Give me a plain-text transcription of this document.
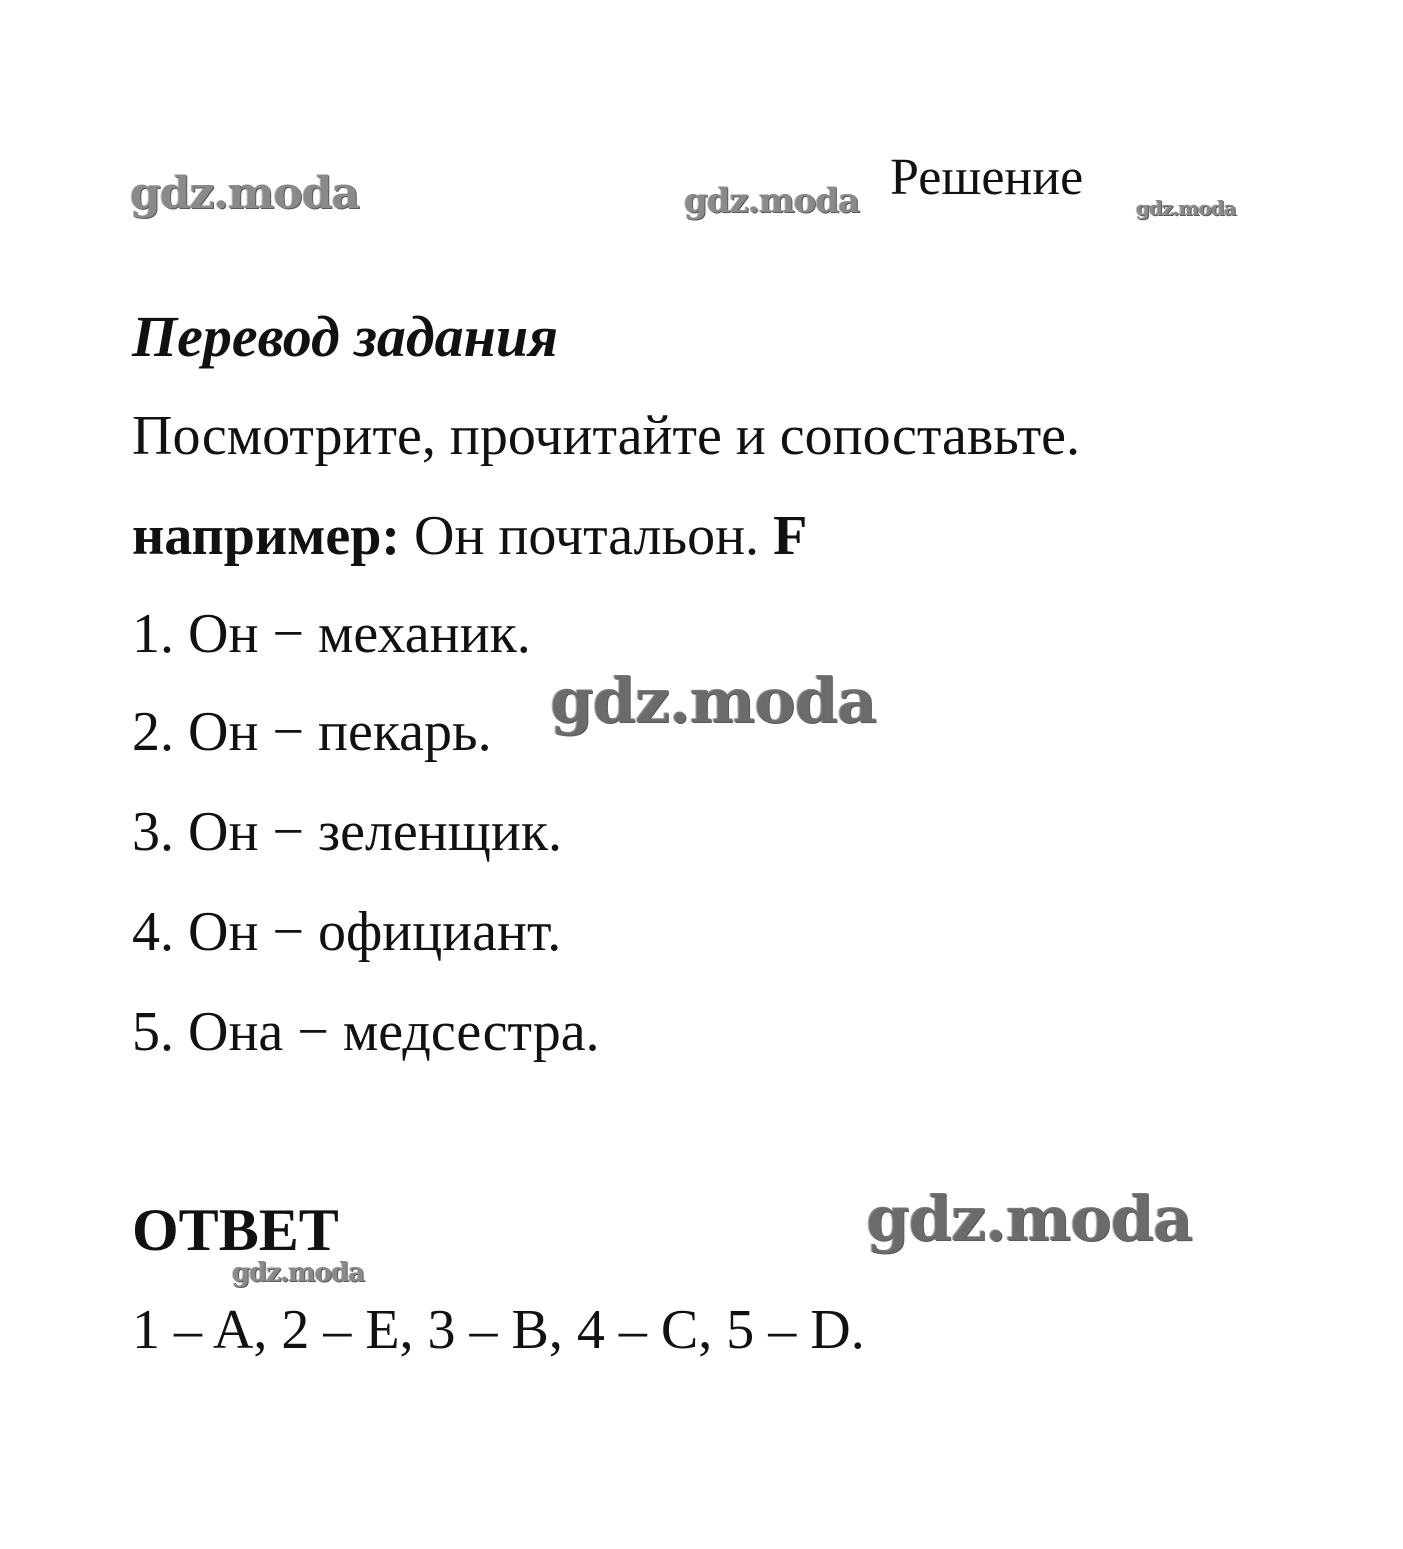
gdz.moda	gdz.moda	gdz.moda
gdz.moda
gdz.moda
gdz.moda
Решение
Перевод задания
Посмотрите, прочитайте и сопоставьте.
например: Он почтальон. F
1. Он − механик.
2. Он − пекарь.
3. Он − зеленщик.
4. Он − официант.
5. Она − медсестра.
ОТВЕТ
1 – A, 2 – E, 3 – B, 4 – C, 5 – D.
